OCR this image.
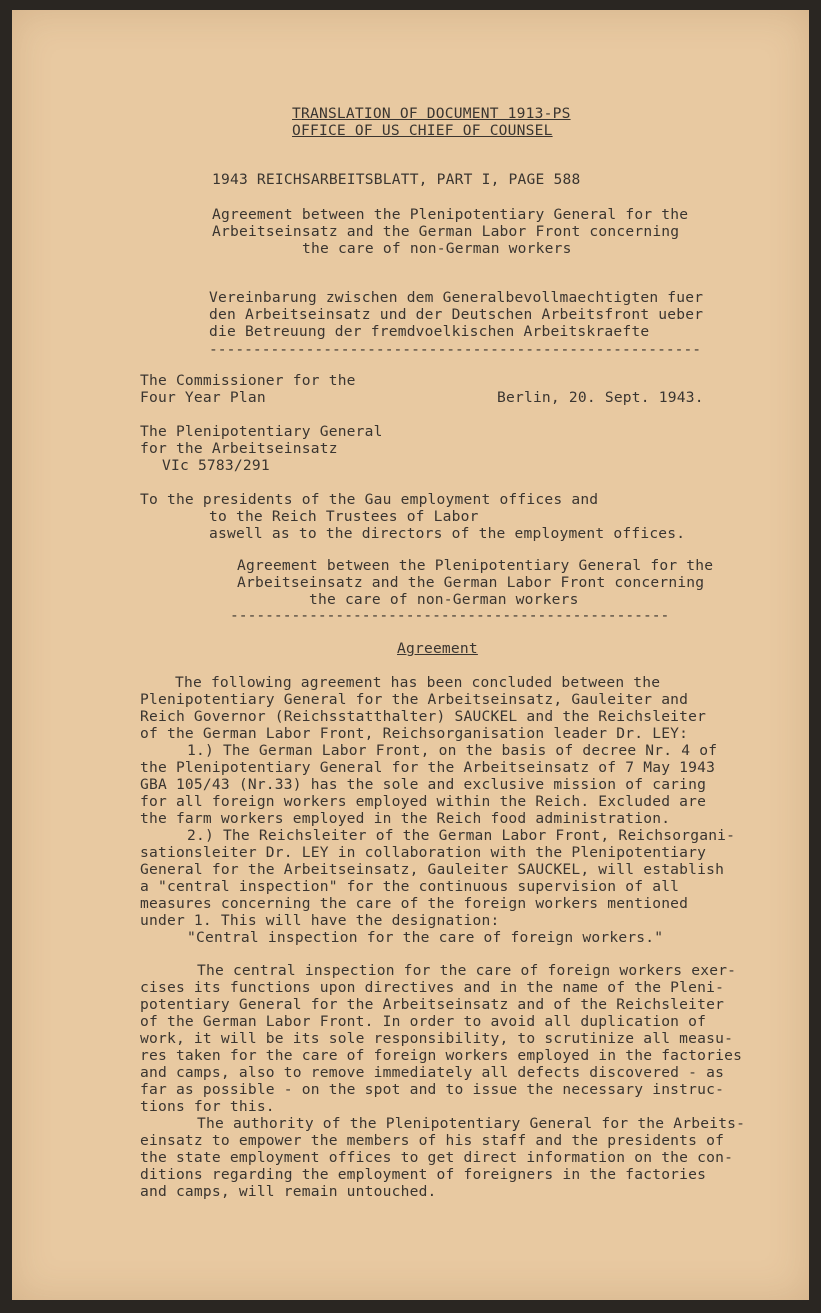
TRANSLATION OF DOCUMENT 1913-PS
OFFICE OF US CHIEF OF COUNSEL
1943 REICHSARBEITSBLATT, PART I, PAGE 588
Agreement between the Plenipotentiary General for the
Arbeitseinsatz and the German Labor Front concerning
the care of non-German workers
Vereinbarung zwischen dem Generalbevollmaechtigten fuer
den Arbeitseinsatz und der Deutschen Arbeitsfront ueber
die Betreuung der fremdvoelkischen Arbeitskraefte
--------------------------------------------------------
The Commissioner for the
Four Year Plan	Berlin, 20. Sept. 1943.
The Plenipotentiary General
for the Arbeitseinsatz
VIc 5783/291
To the presidents of the Gau employment offices and
to the Reich Trustees of Labor
aswell as to the directors of the employment offices.
Agreement between the Plenipotentiary General for the
Arbeitseinsatz and the German Labor Front concerning
the care of non-German workers
--------------------------------------------------
Agreement
The following agreement has been concluded between the
Plenipotentiary General for the Arbeitseinsatz, Gauleiter and
Reich Governor (Reichsstatthalter) SAUCKEL and the Reichsleiter
of the German Labor Front, Reichsorganisation leader Dr. LEY:
1.) The German Labor Front, on the basis of decree Nr. 4 of
the Plenipotentiary General for the Arbeitseinsatz of 7 May 1943
GBA 105/43 (Nr.33) has the sole and exclusive mission of caring
for all foreign workers employed within the Reich. Excluded are
the farm workers employed in the Reich food administration.
2.) The Reichsleiter of the German Labor Front, Reichsorgani-
sationsleiter Dr. LEY in collaboration with the Plenipotentiary
General for the Arbeitseinsatz, Gauleiter SAUCKEL, will establish
a "central inspection" for the continuous supervision of all
measures concerning the care of the foreign workers mentioned
under 1. This will have the designation:
"Central inspection for the care of foreign workers."
The central inspection for the care of foreign workers exer-
cises its functions upon directives and in the name of the Pleni-
potentiary General for the Arbeitseinsatz and of the Reichsleiter
of the German Labor Front. In order to avoid all duplication of
work, it will be its sole responsibility, to scrutinize all measu-
res taken for the care of foreign workers employed in the factories
and camps, also to remove immediately all defects discovered - as
far as possible - on the spot and to issue the necessary instruc-
tions for this.
The authority of the Plenipotentiary General for the Arbeits-
einsatz to empower the members of his staff and the presidents of
the state employment offices to get direct information on the con-
ditions regarding the employment of foreigners in the factories
and camps, will remain untouched.
